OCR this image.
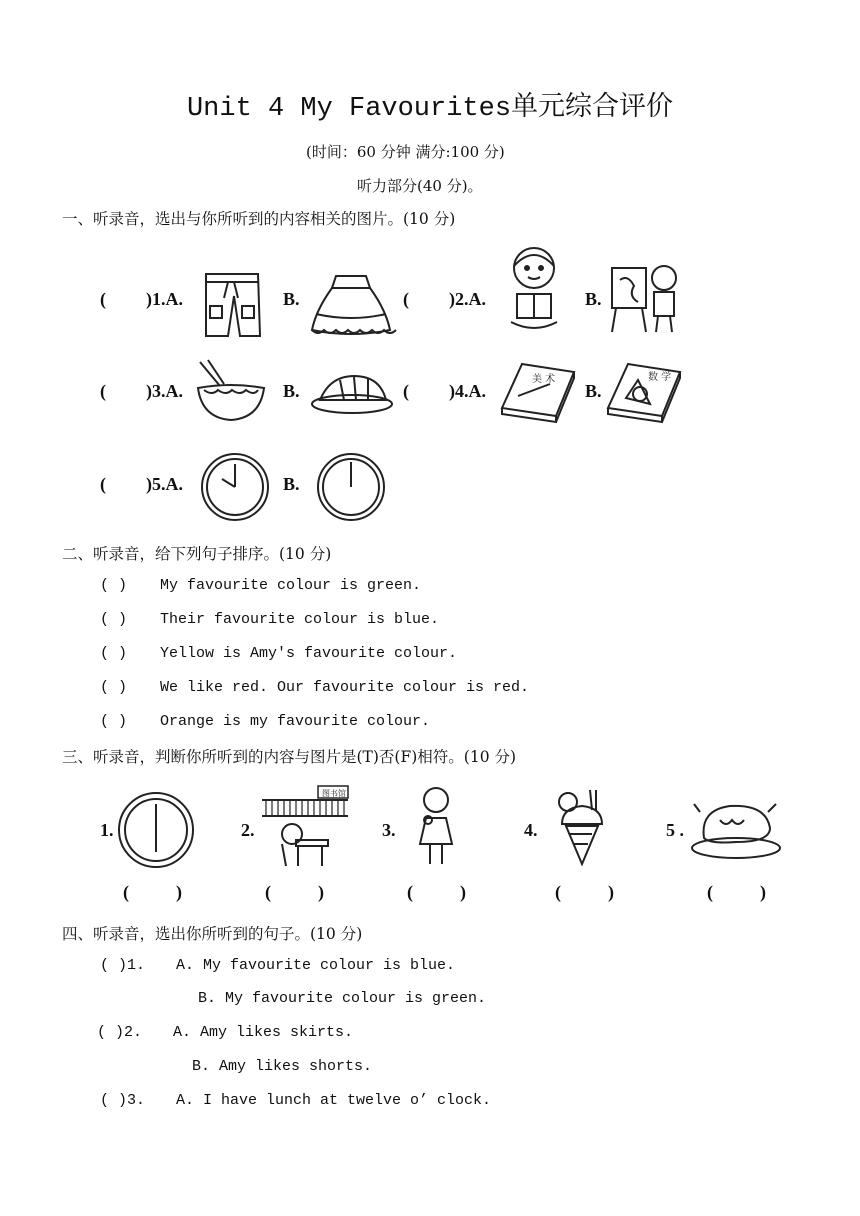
Unit 4 My Favourites单元综合评价
(时间：60 分钟 满分:100 分)
听力部分(40 分)。
一、听录音，选出与你所听到的内容相关的图片。(10 分)
( )1.A.	B.	( )2.A.	B.
( )3.A.	B.	( )4.A.
美 术
B.
数 学
( )5.A.	B.
二、听录音，给下列句子排序。(10 分)
( ) My favourite colour is green.
( ) Their favourite colour is blue.
( ) Yellow is Amy's favourite colour.
( ) We like red. Our favourite colour is red.
( ) Orange is my favourite colour.
三、听录音，判断你所听到的内容与图片是(T)否(F)相符。(10 分)
1.	2.
图书馆
3.	4.	5 .
(	)	(	)	(	)	(	)	(	)
四、听录音，选出你所听到的句子。(10 分)
( )1. A. My favourite colour is blue.
B. My favourite colour is green.
( )2. A. Amy likes skirts.
B. Amy likes shorts.
( )3. A. I have lunch at twelve o’ clock.
